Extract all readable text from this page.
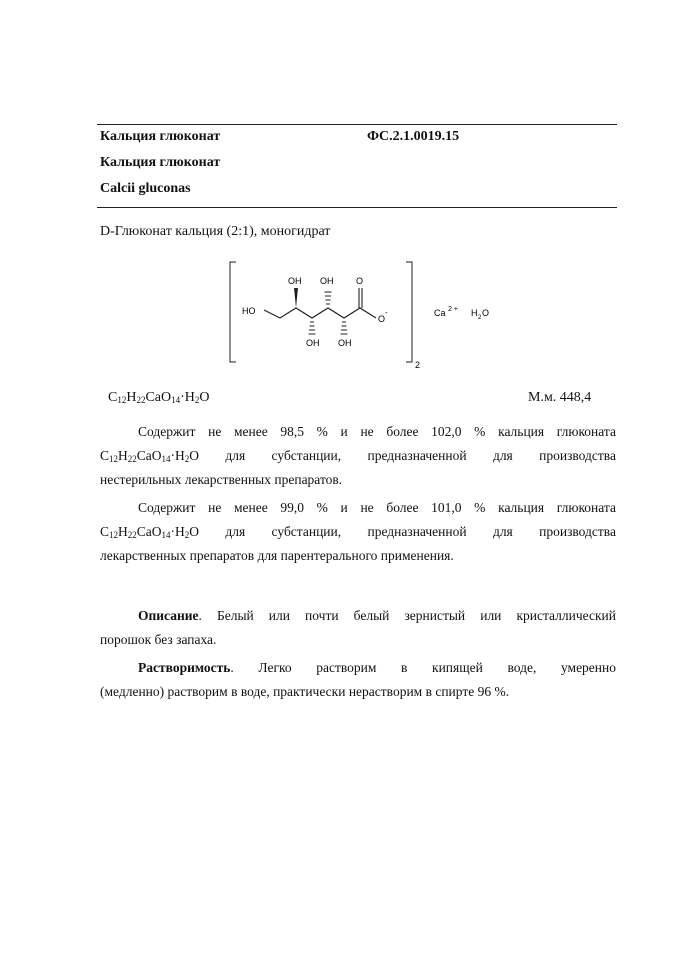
Кальция глюконат	ФС.2.1.0019.15
Кальция глюконат
Calcii gluconas
D-Глюконат кальция (2:1), моногидрат
2
HO
OH OH	O
OH OH
O
-	Ca 2 + H 2 O
$C_{12}H_{22}CaO_{14}\cdot H_2O$	М.м. 448,4
Содержит не менее 98,5 % и не более 102,0 % кальция глюконата
$C_{12}H_{22}CaO_{14}\cdot H_2O$ для субстанции, предназначенной для производства
нестерильных лекарственных препаратов.
Содержит не менее 99,0 % и не более 101,0 % кальция глюконата
$C_{12}H_{22}CaO_{14}\cdot H_2O$ для субстанции, предназначенной для производства
лекарственных препаратов для парентерального применения.
Описание. Белый или почти белый зернистый или кристаллический
порошок без запаха.
Растворимость. Легко растворим в кипящей воде, умеренно
(медленно) растворим в воде, практически нерастворим в спирте 96 %.
